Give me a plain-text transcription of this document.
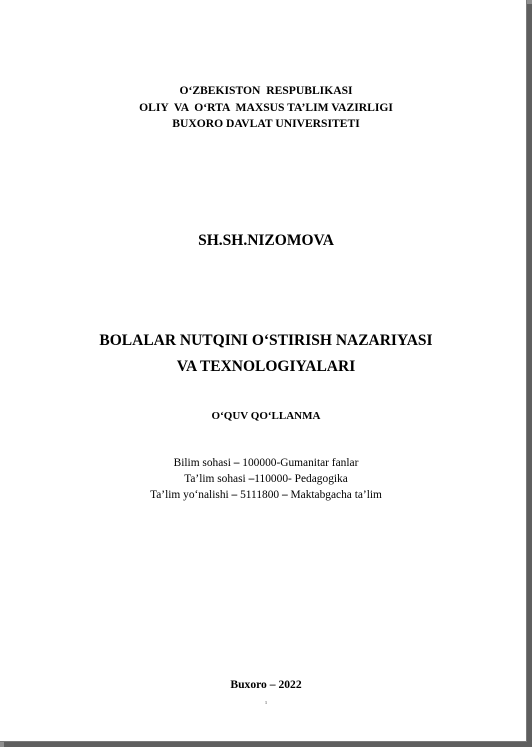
O‘ZBEKISTON  RESPUBLIKASI
OLIY  VA  O‘RTA  MAXSUS TA’LIM VAZIRLIGI
BUXORO DAVLAT UNIVERSITETI
SH.SH.NIZOMOVA
BOLALAR NUTQINI O‘STIRISH NAZARIYASI
VA TEXNOLOGIYALARI
O‘QUV QO‘LLANMA
Bilim sohasi – 100000-Gumanitar fanlar
Ta’lim sohasi –110000- Pedagogika
Ta’lim yo‘nalishi – 5111800 – Maktabgacha ta’lim
Buxoro – 2022
1
